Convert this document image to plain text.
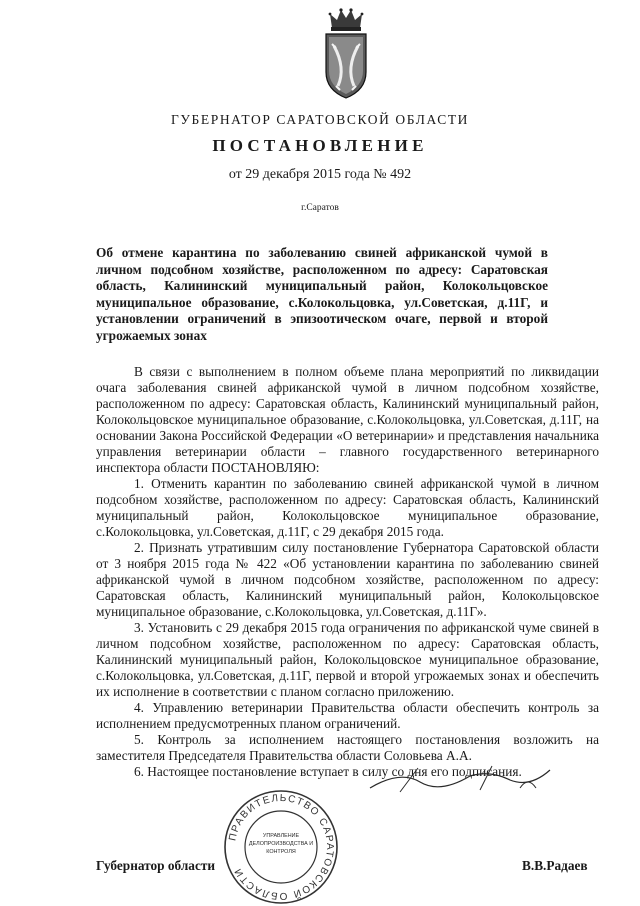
ГУБЕРНАТОР САРАТОВСКОЙ ОБЛАСТИ
ПОСТАНОВЛЕНИЕ
от 29 декабря 2015 года № 492
г.Саратов
Об отмене карантина по заболеванию свиней африканской чумой в личном подсобном хозяйстве, расположенном по адресу: Саратовская область, Калининский муниципальный район, Колокольцовское муниципальное образование, с.Колокольцовка, ул.Советская, д.11Г, и установлении ограничений в эпизоотическом очаге, первой и второй угрожаемых зонах

В связи с выполнением в полном объеме плана мероприятий по ликвидации очага заболевания свиней африканской чумой в личном подсобном хозяйстве, расположенном по адресу: Саратовская область, Калининский муниципальный район, Колокольцовское муниципальное образование, с.Колокольцовка, ул.Советская, д.11Г, на основании Закона Российской Федерации «О ветеринарии» и представления начальника управления ветеринарии области – главного государственного ветеринарного инспектора области ПОСТАНОВЛЯЮ:

1. Отменить карантин по заболеванию свиней африканской чумой в личном подсобном хозяйстве, расположенном по адресу: Саратовская область, Калининский муниципальный район, Колокольцовское муниципальное образование, с.Колокольцовка, ул.Советская, д.11Г, с 29 декабря 2015 года.

2. Признать утратившим силу постановление Губернатора Саратовской области от 3 ноября 2015 года № 422 «Об установлении карантина по заболеванию свиней африканской чумой в личном подсобном хозяйстве, расположенном по адресу: Саратовская область, Калининский муниципальный район, Колокольцовское муниципальное образование, с.Колокольцовка, ул.Советская, д.11Г».

3. Установить с 29 декабря 2015 года ограничения по африканской чуме свиней в личном подсобном хозяйстве, расположенном по адресу: Саратовская область, Калининский муниципальный район, Колокольцовское муниципальное образование, с.Колокольцовка, ул.Советская, д.11Г, первой и второй угрожаемых зонах и обеспечить их исполнение в соответствии с планом согласно приложению.

4. Управлению ветеринарии Правительства области обеспечить контроль за исполнением предусмотренных планом ограничений.

5. Контроль за исполнением настоящего постановления возложить на заместителя Председателя Правительства области Соловьева А.А.

6. Настоящее постановление вступает в силу со дня его подписания.

ПРАВИТЕЛЬСТВО САРАТОВСКОЙ ОБЛАСТИ
УПРАВЛЕНИЕ ДЕЛОПРОИЗВОДСТВА И КОНТРОЛЯ
Губернатор области	В.В.Радаев
